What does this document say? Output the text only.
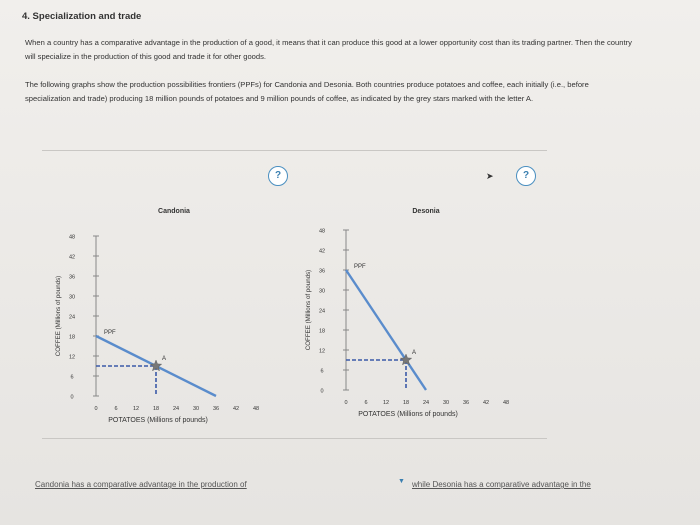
4. Specialization and trade
When a country has a comparative advantage in the production of a good, it means that it can produce this good at a lower opportunity cost than its trading partner. Then the country will specialize in the production of this good and trade it for other goods.
The following graphs show the production possibilities frontiers (PPFs) for Candonia and Desonia. Both countries produce potatoes and coffee, each initially (i.e., before specialization and trade) producing 18 million pounds of potatoes and 9 million pounds of coffee, as indicated by the grey stars marked with the letter A.
?	➤	?
Candonia
0
6
12
18
24
30
36
42
48
0	6	12	18	24	30	36	42	48
POTATOES (Millions of pounds)
COFFEE (Millions of pounds)	PPF
A
Desonia
0
6
12
18
24
30
36
42
48
0	6	12	18	24	30	36	42	48
POTATOES (Millions of pounds)
COFFEE (Millions of pounds)
PPF
A
Candonia has a comparative advantage in the production of	▼ while Desonia has a comparative advantage in the
